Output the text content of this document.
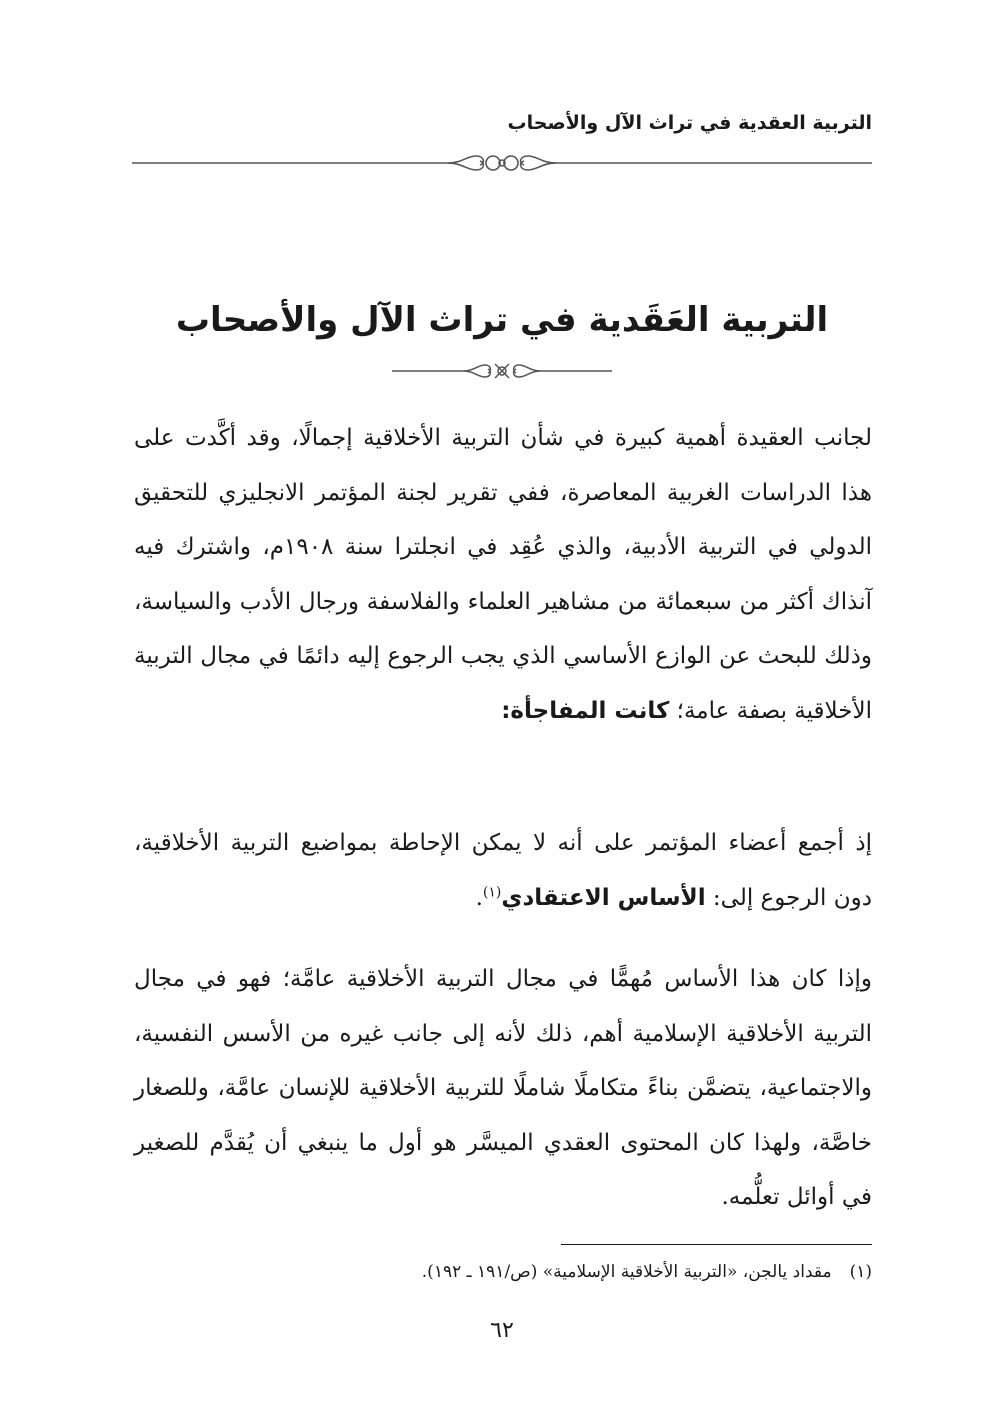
التربية العقدية في تراث الآل والأصحاب
التربية العَقَدية في تراث الآل والأصحاب

لجانب العقيدة أهمية كبيرة في شأن التربية الأخلاقية إجمالًا، وقد أكَّدت على هذا الدراسات الغربية المعاصرة، ففي تقرير لجنة المؤتمر الانجليزي للتحقيق الدولي في التربية الأدبية، والذي عُقِد في انجلترا سنة ١٩٠٨م، واشترك فيه آنذاك أكثر من سبعمائة من مشاهير العلماء والفلاسفة ورجال الأدب والسياسة، وذلك للبحث عن الوازع الأساسي الذي يجب الرجوع إليه دائمًا في مجال التربية الأخلاقية بصفة عامة؛ كانت المفاجأة:

إذ أجمع أعضاء المؤتمر على أنه لا يمكن الإحاطة بمواضيع التربية الأخلاقية، دون الرجوع إلى: الأساس الاعتقادي$^{(١)}$.

وإذا كان هذا الأساس مُهمًّا في مجال التربية الأخلاقية عامَّة؛ فهو في مجال التربية الأخلاقية الإسلامية أهم، ذلك لأنه إلى جانب غيره من الأسس النفسية، والاجتماعية، يتضمَّن بناءً متكاملًا شاملًا للتربية الأخلاقية للإنسان عامَّة، وللصغار خاصَّة، ولهذا كان المحتوى العقدي الميسَّر هو أول ما ينبغي أن يُقدَّم للصغير في أوائل تعلُّمه.

(١)مقداد يالجن، «التربية الأخلاقية الإسلامية» (ص/١٩١ ـ ١٩٢).

٦٢
